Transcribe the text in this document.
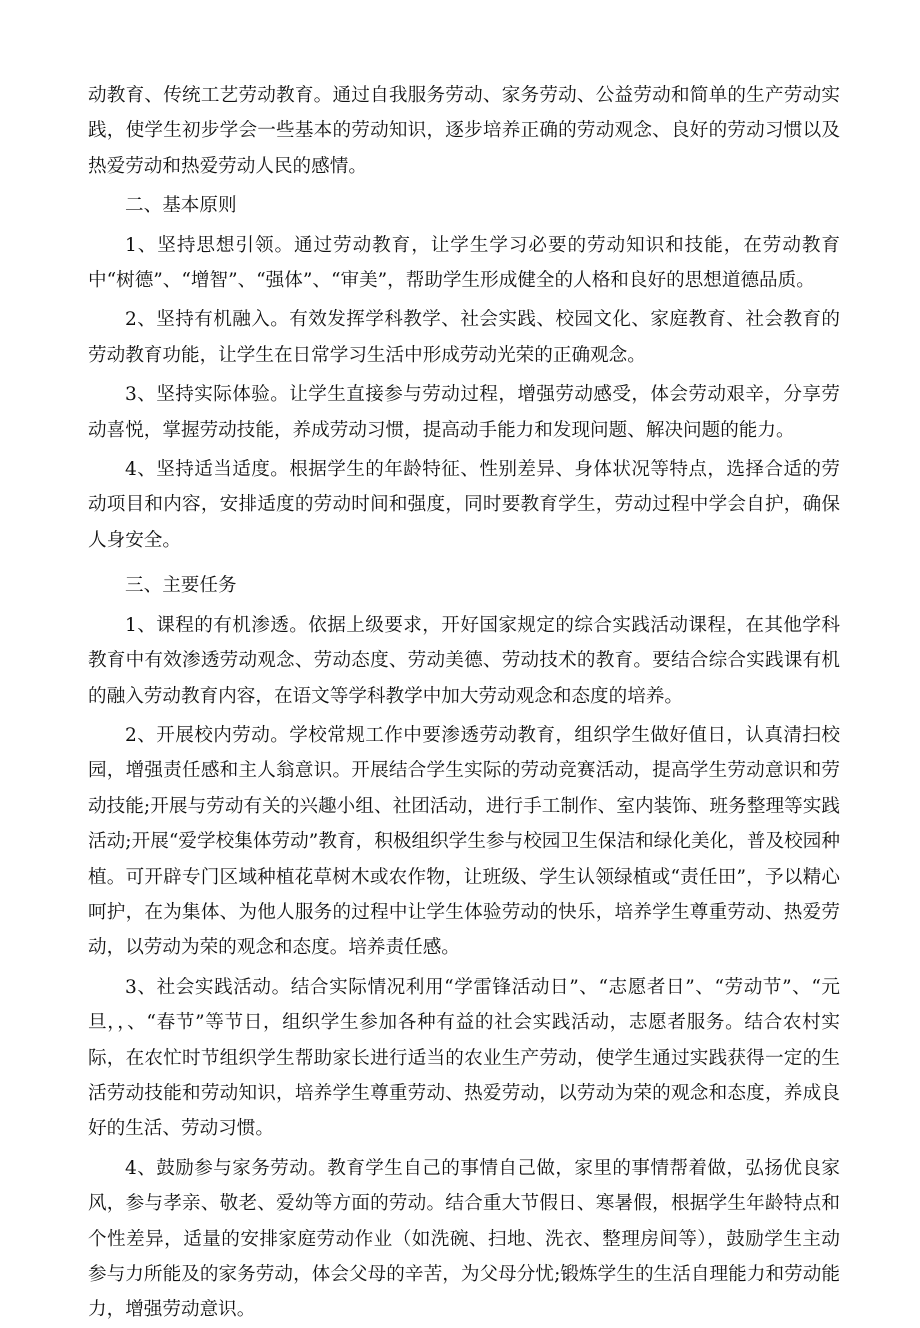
动教育、传统工艺劳动教育。通过自我服务劳动、家务劳动、公益劳动和简单的生产劳动实践，使学生初步学会一些基本的劳动知识，逐步培养正确的劳动观念、良好的劳动习惯以及热爱劳动和热爱劳动人民的感情。

二、基本原则

1、坚持思想引领。通过劳动教育，让学生学习必要的劳动知识和技能，在劳动教育中“树德”、“增智”、“强体”、“审美”，帮助学生形成健全的人格和良好的思想道德品质。

2、坚持有机融入。有效发挥学科教学、社会实践、校园文化、家庭教育、社会教育的劳动教育功能，让学生在日常学习生活中形成劳动光荣的正确观念。

3、坚持实际体验。让学生直接参与劳动过程，增强劳动感受，体会劳动艰辛，分享劳动喜悦，掌握劳动技能，养成劳动习惯，提高动手能力和发现问题、解决问题的能力。

4、坚持适当适度。根据学生的年龄特征、性别差异、身体状况等特点，选择合适的劳动项目和内容，安排适度的劳动时间和强度，同时要教育学生，劳动过程中学会自护，确保人身安全。

三、主要任务

1、课程的有机渗透。依据上级要求，开好国家规定的综合实践活动课程，在其他学科教育中有效渗透劳动观念、劳动态度、劳动美德、劳动技术的教育。要结合综合实践课有机的融入劳动教育内容，在语文等学科教学中加大劳动观念和态度的培养。

2、开展校内劳动。学校常规工作中要渗透劳动教育，组织学生做好值日，认真清扫校园，增强责任感和主人翁意识。开展结合学生实际的劳动竞赛活动，提高学生劳动意识和劳动技能;开展与劳动有关的兴趣小组、社团活动，进行手工制作、室内装饰、班务整理等实践活动;开展“爱学校集体劳动”教育，积极组织学生参与校园卫生保洁和绿化美化，普及校园种植。可开辟专门区域种植花草树木或农作物，让班级、学生认领绿植或“责任田”，予以精心呵护，在为集体、为他人服务的过程中让学生体验劳动的快乐，培养学生尊重劳动、热爱劳动，以劳动为荣的观念和态度。培养责任感。

3、社会实践活动。结合实际情况利用“学雷锋活动日”、“志愿者日”、“劳动节”、“元旦，，、“春节”等节日，组织学生参加各种有益的社会实践活动，志愿者服务。结合农村实际，在农忙时节组织学生帮助家长进行适当的农业生产劳动，使学生通过实践获得一定的生活劳动技能和劳动知识，培养学生尊重劳动、热爱劳动，以劳动为荣的观念和态度，养成良好的生活、劳动习惯。

4、鼓励参与家务劳动。教育学生自己的事情自己做，家里的事情帮着做，弘扬优良家风，参与孝亲、敬老、爱幼等方面的劳动。结合重大节假日、寒暑假，根据学生年龄特点和个性差异，适量的安排家庭劳动作业（如洗碗、扫地、洗衣、整理房间等），鼓励学生主动参与力所能及的家务劳动，体会父母的辛苦，为父母分忧;锻炼学生的生活自理能力和劳动能力，增强劳动意识。
